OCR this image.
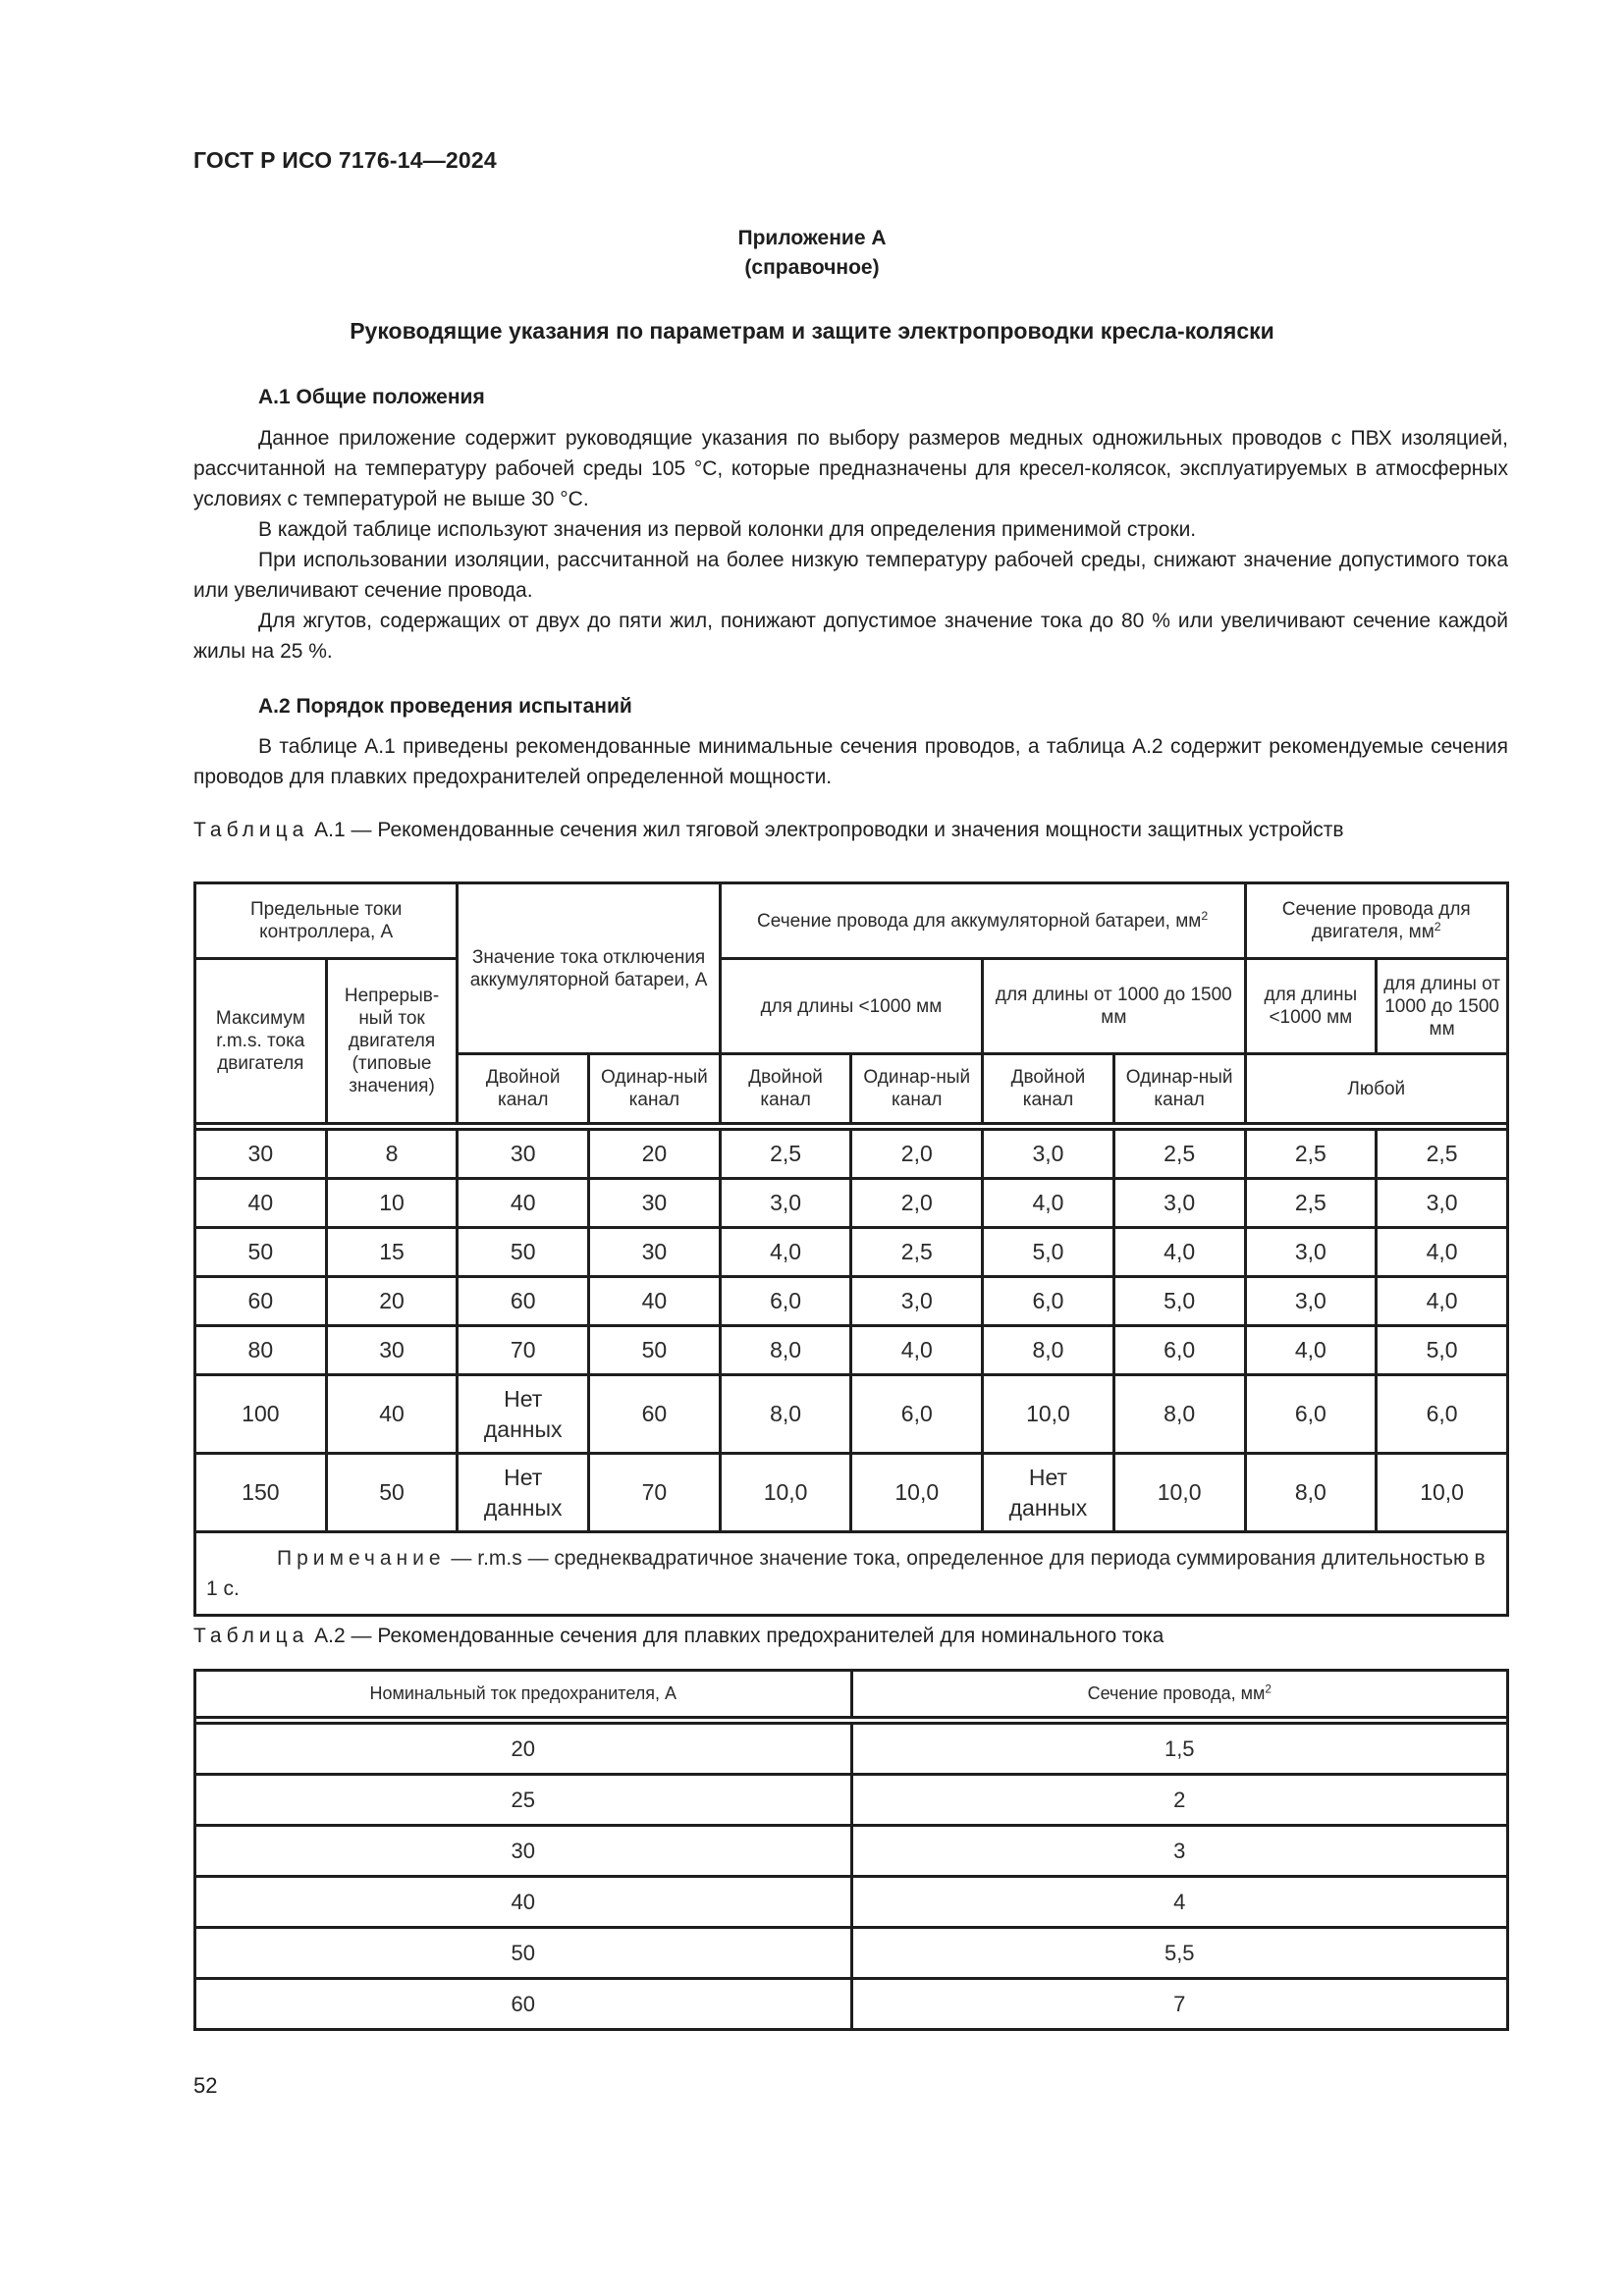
ГОСТ Р ИСО 7176-14—2024
Приложение А
(справочное)
Руководящие указания по параметрам и защите электропроводки кресла-коляски
А.1 Общие положения

Данное приложение содержит руководящие указания по выбору размеров медных одножильных проводов с ПВХ изоляцией, рассчитанной на температуру рабочей среды 105 °С, которые предназначены для кресел-колясок, эксплуатируемых в атмосферных условиях с температурой не выше 30 °С.

В каждой таблице используют значения из первой колонки для определения применимой строки.

При использовании изоляции, рассчитанной на более низкую температуру рабочей среды, снижают значение допустимого тока или увеличивают сечение провода.

Для жгутов, содержащих от двух до пяти жил, понижают допустимое значение тока до 80 % или увеличивают сечение каждой жилы на 25 %.

А.2 Порядок проведения испытаний

В таблице А.1 приведены рекомендованные минимальные сечения проводов, а таблица А.2 содержит рекомендуемые сечения проводов для плавких предохранителей определенной мощности.

Таблица А.1 — Рекомендованные сечения жил тяговой электропроводки и значения мощности защитных устройств
Предельные токи контроллера, А		Значение тока отключения аккумуляторной батареи, А		Сечение провода для аккумуляторной батареи, $мм^2$				Сечение провода для двигателя, $мм^2$
Максимум r.m.s. тока двигателя	Непрерыв-ный ток двигателя (типовые значения)			для длины <1000 мм		для длины от 1000 до 1500 мм		для длины <1000 мм	для длины от 1000 до 1500 мм
		Двойной канал	Одинар-ный канал	Двойной канал	Одинар-ный канал	Двойной канал	Одинар-ный канал	Любой	

30	8	30	20	2,5	2,0	3,0	2,5	2,5	2,5
40	10	40	30	3,0	2,0	4,0	3,0	2,5	3,0
50	15	50	30	4,0	2,5	5,0	4,0	3,0	4,0
60	20	60	40	6,0	3,0	6,0	5,0	3,0	4,0
80	30	70	50	8,0	4,0	8,0	6,0	4,0	5,0
100	40	Нет данных	60	8,0	6,0	10,0	8,0	6,0	6,0
150	50	Нет данных	70	10,0	10,0	Нет данных	10,0	8,0	10,0
Примечание — r.m.s — среднеквадратичное значение тока, определенное для периода суммирования длительностью в 1 с.									
Таблица А.2 — Рекомендованные сечения для плавких предохранителей для номинального тока
Номинальный ток предохранителя, А	Сечение провода, $мм^2$

20	1,5
25	2
30	3
40	4
50	5,5
60	7
52
